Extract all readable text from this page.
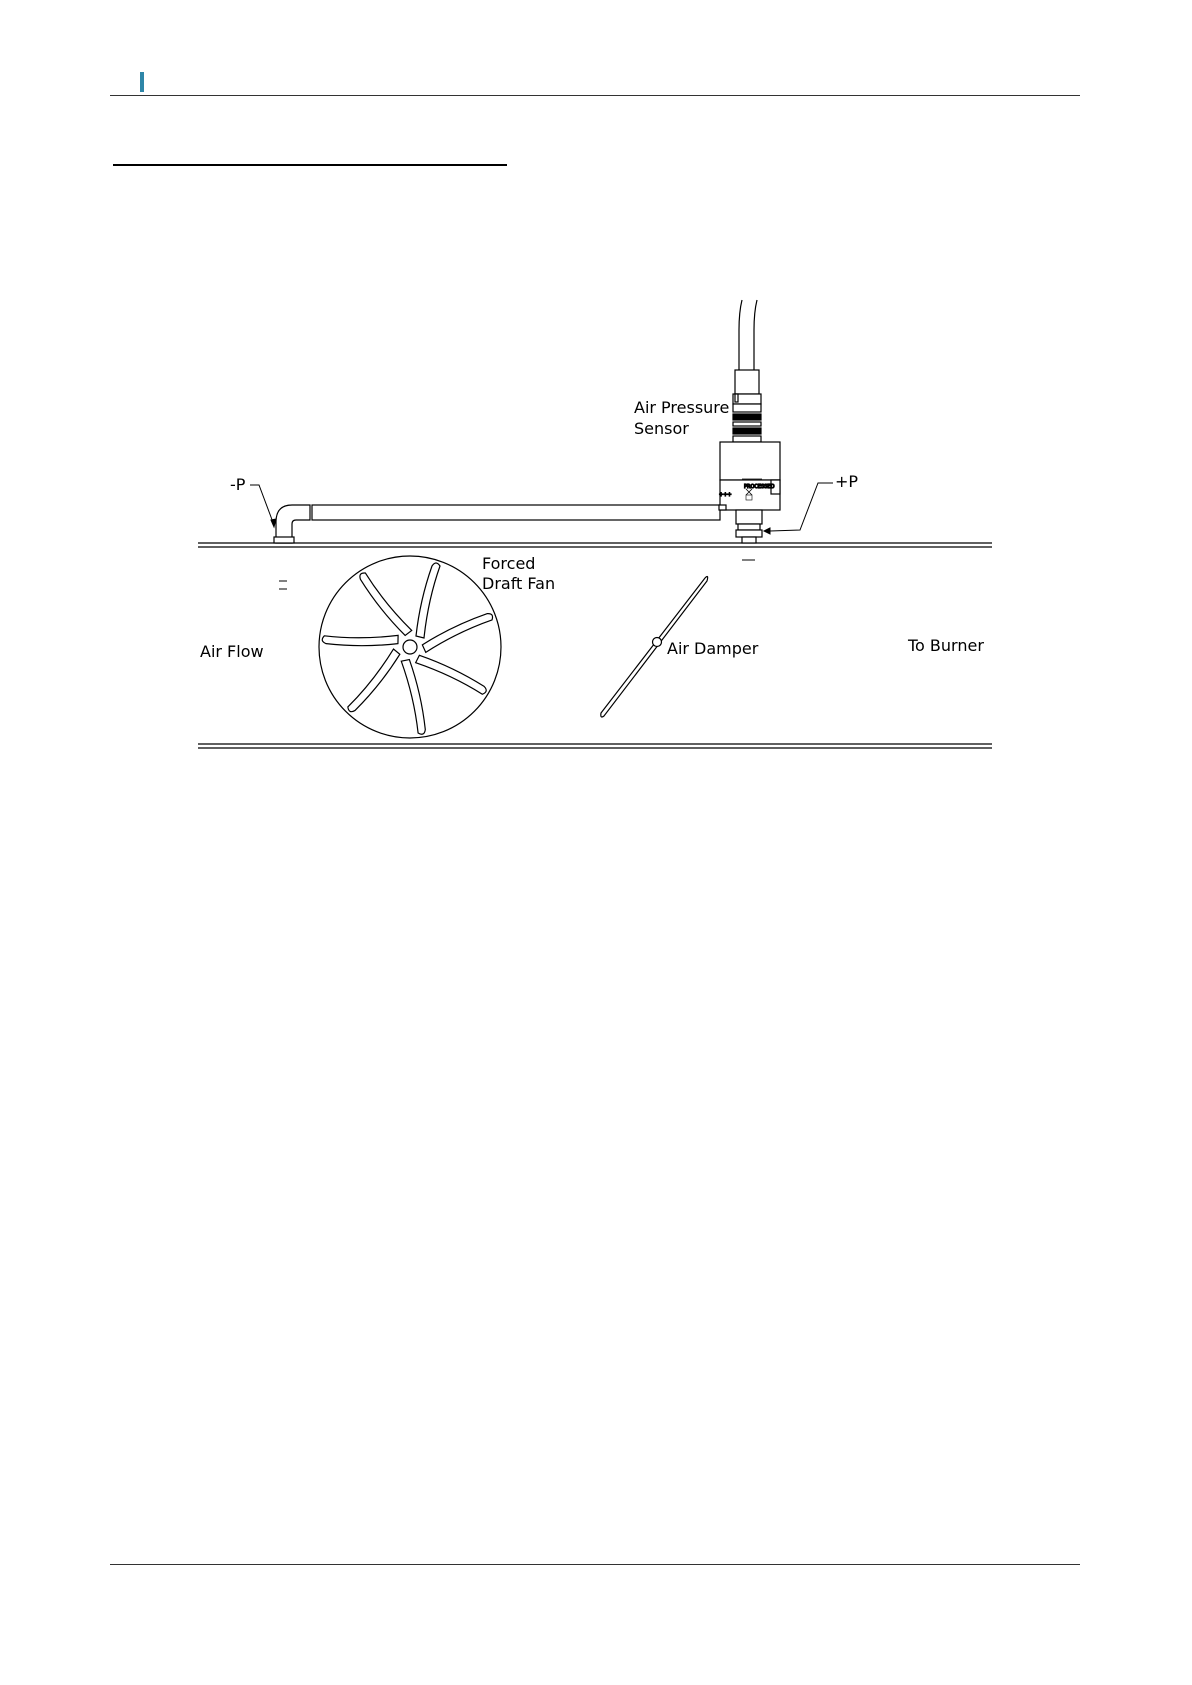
-P	PROCESSED
+++
Air Pressure
Sensor
+P
Forced
Draft Fan
Air Damper
Air Flow	To Burner
